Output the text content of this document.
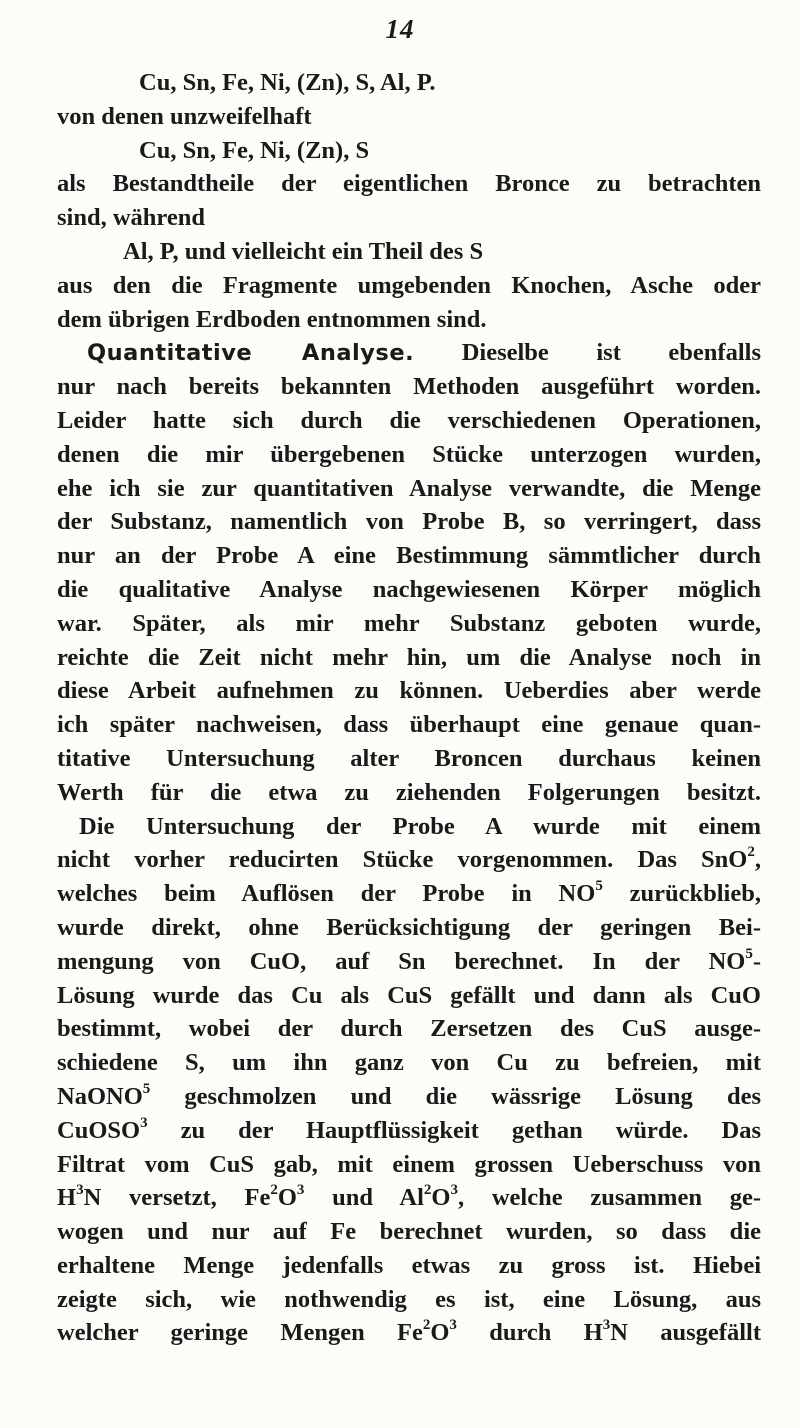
14
Cu, Sn, Fe, Ni, (Zn), S, Al, P.
von denen unzweifelhaft
Cu, Sn, Fe, Ni, (Zn), S
als Bestandtheile der eigentlichen Bronce zu betrachten
sind, während
Al, P, und vielleicht ein Theil des S
aus den die Fragmente umgebenden Knochen, Asche oder
dem übrigen Erdboden entnommen sind.
Quantitative Analyse. Dieselbe ist ebenfalls
nur nach bereits bekannten Methoden ausgeführt worden.
Leider hatte sich durch die verschiedenen Operationen,
denen die mir übergebenen Stücke unterzogen wurden,
ehe ich sie zur quantitativen Analyse verwandte, die Menge
der Substanz, namentlich von Probe B, so verringert, dass
nur an der Probe A eine Bestimmung sämmtlicher durch
die qualitative Analyse nachgewiesenen Körper möglich
war. Später, als mir mehr Substanz geboten wurde,
reichte die Zeit nicht mehr hin, um die Analyse noch in
diese Arbeit aufnehmen zu können. Ueberdies aber werde
ich später nachweisen, dass überhaupt eine genaue quan-
titative Untersuchung alter Broncen durchaus keinen
Werth für die etwa zu ziehenden Folgerungen besitzt.
Die Untersuchung der Probe A wurde mit einem
nicht vorher reducirten Stücke vorgenommen. Das SnO$^2$,
welches beim Auflösen der Probe in $NO^5$ zurückblieb,
wurde direkt, ohne Berücksichtigung der geringen Bei-
mengung von CuO, auf Sn berechnet. In der $NO^5-$
Lösung wurde das Cu als CuS gefällt und dann als CuO
bestimmt, wobei der durch Zersetzen des CuS ausge-
schiedene S, um ihn ganz von Cu zu befreien, mit
NaONO$^5$ geschmolzen und die wässrige Lösung des
CuOSO$^3$ zu der Hauptflüssigkeit gethan würde. Das
Filtrat vom CuS gab, mit einem grossen Ueberschuss von
$H^3N$ versetzt, $Fe^2O^3$ und $Al^2O^3$, welche zusammen ge-
wogen und nur auf Fe berechnet wurden, so dass die
erhaltene Menge jedenfalls etwas zu gross ist. Hiebei
zeigte sich, wie nothwendig es ist, eine Lösung, aus
welcher geringe Mengen $Fe^2O^3$ durch $H^3N$ ausgefällt
